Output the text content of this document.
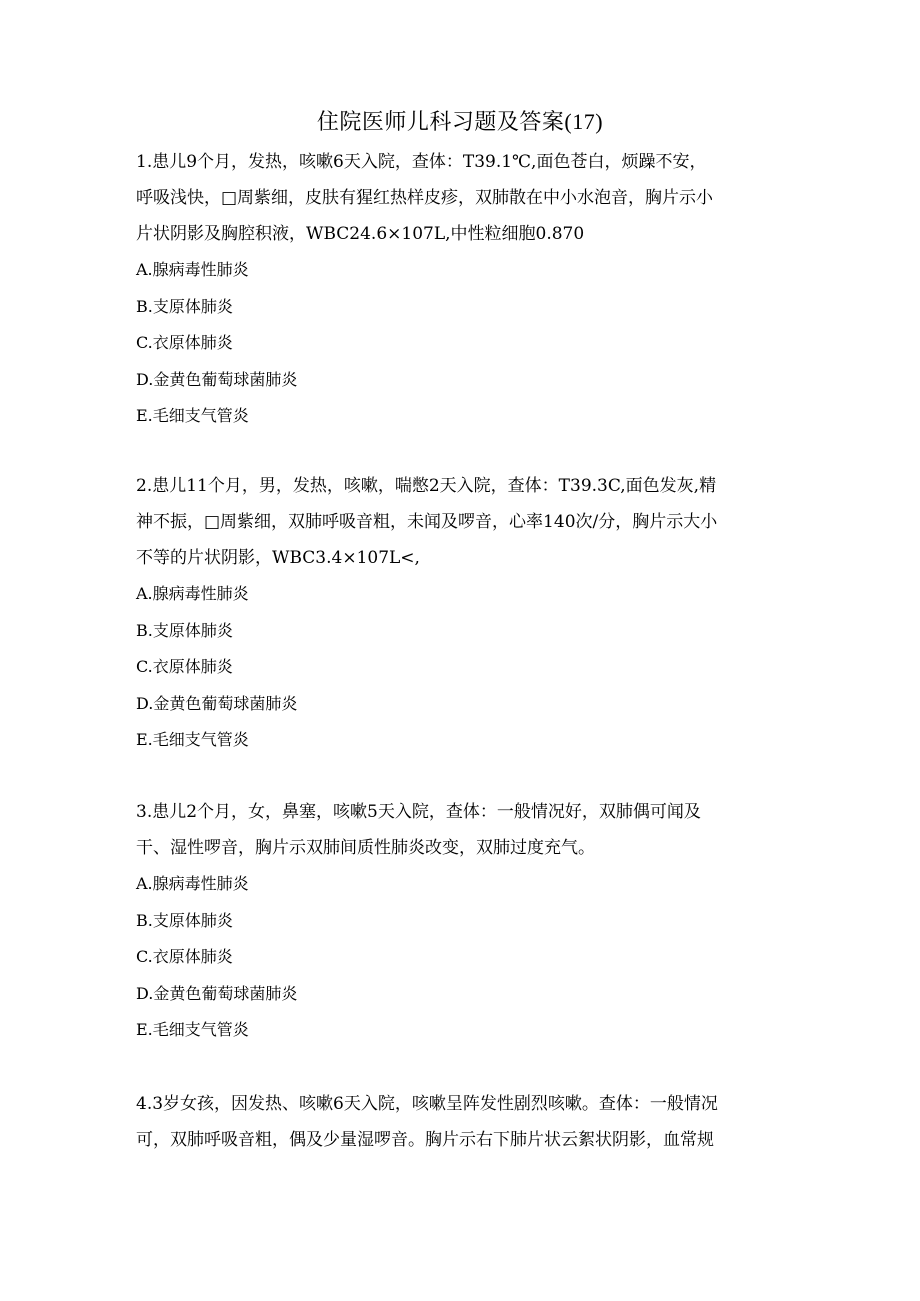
住院医师儿科习题及答案(17)
1.患儿9个月，发热，咳嗽6天入院，查体：T39.1℃,面色苍白，烦躁不安，
呼吸浅快，□周紫细，皮肤有猩红热样皮疹，双肺散在中小水泡音，胸片示小
片状阴影及胸腔积液，WBC24.6×107L,中性粒细胞0.870
A.腺病毒性肺炎
B.支原体肺炎
C.衣原体肺炎
D.金黄色葡萄球菌肺炎
E.毛细支气管炎
2.患儿11个月，男，发热，咳嗽，喘憋2天入院，查体：T39.3C,面色发灰,精
神不振，□周紫细，双肺呼吸音粗，未闻及啰音，心率140次/分，胸片示大小
不等的片状阴影，WBC3.4×107L<,
A.腺病毒性肺炎
B.支原体肺炎
C.衣原体肺炎
D.金黄色葡萄球菌肺炎
E.毛细支气管炎
3.患儿2个月，女，鼻塞，咳嗽5天入院，查体：一般情况好，双肺偶可闻及
干、湿性啰音，胸片示双肺间质性肺炎改变，双肺过度充气。
A.腺病毒性肺炎
B.支原体肺炎
C.衣原体肺炎
D.金黄色葡萄球菌肺炎
E.毛细支气管炎
4.3岁女孩，因发热、咳嗽6天入院，咳嗽呈阵发性剧烈咳嗽。查体：一般情况
可，双肺呼吸音粗，偶及少量湿啰音。胸片示右下肺片状云絮状阴影，血常规
